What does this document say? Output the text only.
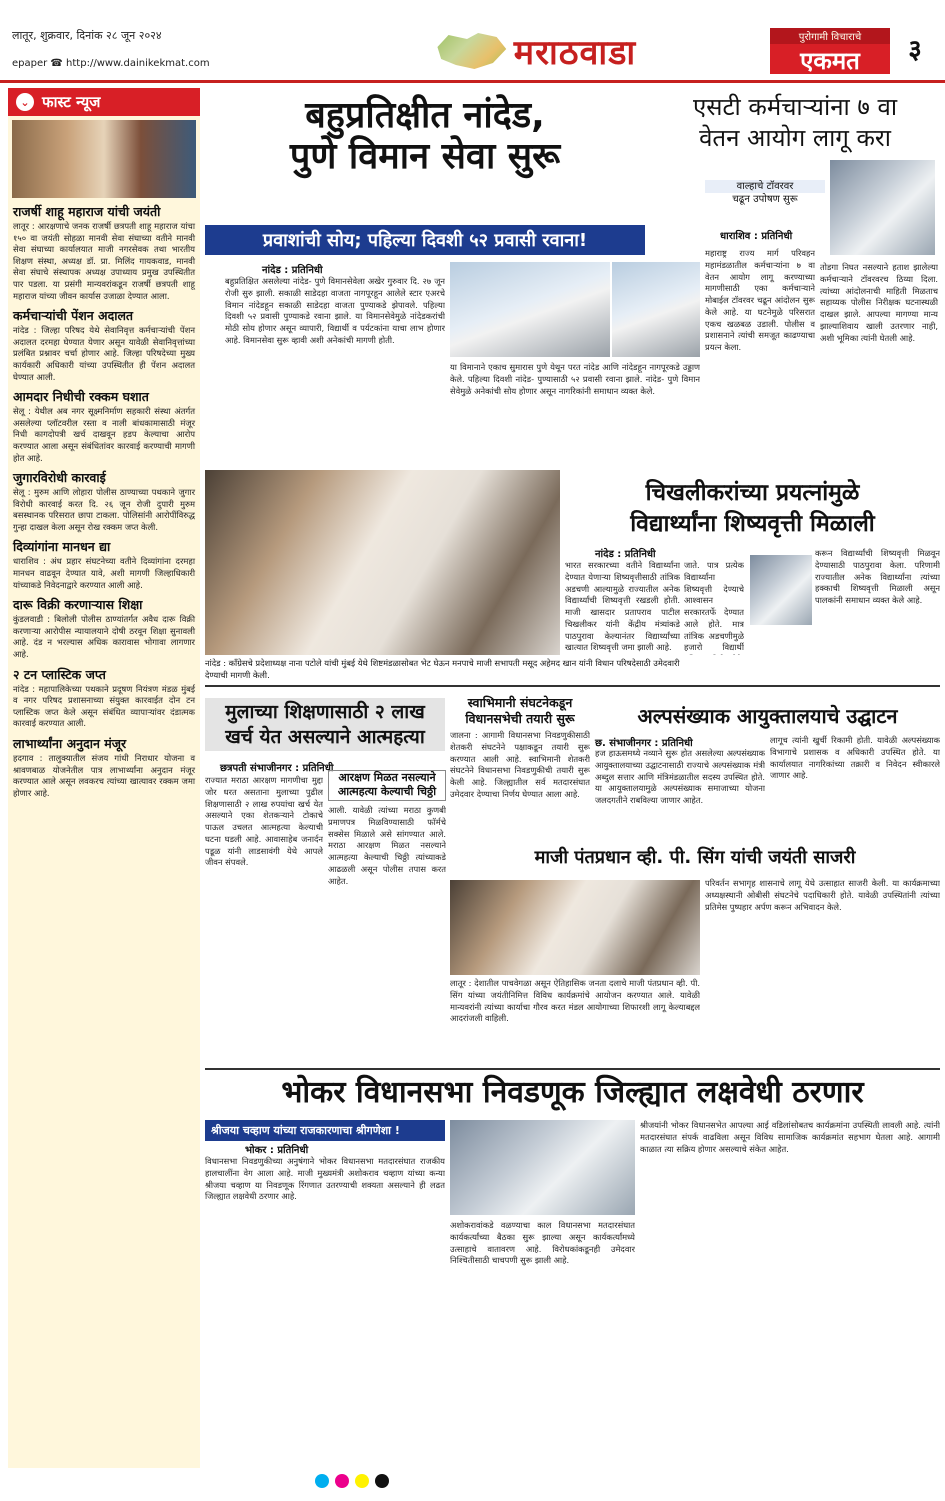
लातूर, शुक्रवार, दिनांक २८ जून २०२४
epaper ☎ http://www.dainikekmat.com	मराठवाडा	पुरोगामी विचाराचे
एकमत	३
⌄ फास्ट न्यूज
राजर्षी शाहू महाराज यांची जयंती

लातूर : आरक्षणाचे जनक राजर्षी छत्रपती शाहू महाराज यांचा १५० वा जयंती सोहळा मानवी सेवा संघाच्या वतीने मानवी सेवा संघाच्या कार्यालयात माजी नगरसेवक तथा भारतीय शिक्षण संस्था, अध्यक्ष डॉ. प्रा. मिलिंद गायकवाड, मानवी सेवा संघाचे संस्थापक अध्यक्ष उपाध्याय प्रमुख उपस्थितीत पार पडला. या प्रसंगी मान्यवरांकडून राजर्षी छत्रपती शाहू महाराज यांच्या जीवन कार्यास उजाळा देण्यात आला.

कर्मचाऱ्यांची पेंशन अदालत

नांदेड : जिल्हा परिषद येथे सेवानिवृत्त कर्मचाऱ्यांची पेंशन अदालत दरमहा घेण्यात येणार असून यावेळी सेवानिवृत्तांच्या प्रलंबित प्रश्नावर चर्चा होणार आहे. जिल्हा परिषदेच्या मुख्य कार्यकारी अधिकारी यांच्या उपस्थितीत ही पेंशन अदालत घेण्यात आली.

आमदार निधीची रक्कम घशात

सेलू : येथील अब नगर सूक्ष्मनिर्माण सहकारी संस्था अंतर्गत असलेल्या प्लॉटवरील रस्ता व नाली बांधकामासाठी मंजूर निधी कागदोपत्री खर्च दाखवून हडप केल्याचा आरोप करण्यात आला असून संबंधितांवर कारवाई करण्याची मागणी होत आहे.

जुगारविरोधी कारवाई

सेलू : मुरुम आणि लोहारा पोलीस ठाण्याच्या पथकाने जुगार विरोधी कारवाई करत दि. २६ जून रोजी दुपारी मुरुम बसस्थानक परिसरात छापा टाकला. पोलिसांनी आरोपींविरुद्ध गुन्हा दाखल केला असून रोख रक्कम जप्त केली.

दिव्यांगांना मानधन द्या

धाराशिव : अंध प्रहार संघटनेच्या वतीने दिव्यांगांना दरमहा मानधन वाढवून देण्यात यावे, अशी मागणी जिल्हाधिकारी यांच्याकडे निवेदनाद्वारे करण्यात आली आहे.

दारू विक्री करणाऱ्यास शिक्षा

कुंडलवाडी : बिलोली पोलीस ठाण्यांतर्गत अवैध दारू विक्री करणाऱ्या आरोपीस न्यायालयाने दोषी ठरवून शिक्षा सुनावली आहे. दंड न भरल्यास अधिक कारावास भोगावा लागणार आहे.

२ टन प्लास्टिक जप्त

नांदेड : महापालिकेच्या पथकाने प्रदूषण नियंत्रण मंडळ मुंबई व नगर परिषद प्रशासनाच्या संयुक्त कारवाईत दोन टन प्लास्टिक जप्त केले असून संबंधित व्यापाऱ्यांवर दंडात्मक कारवाई करण्यात आली.

लाभार्थ्यांना अनुदान मंजूर

हदगाव : तालुक्यातील संजय गांधी निराधार योजना व श्रावणबाळ योजनेतील पात्र लाभार्थ्यांना अनुदान मंजूर करण्यात आले असून लवकरच त्यांच्या खात्यावर रक्कम जमा होणार आहे.

बहुप्रतिक्षीत नांदेड,
पुणे विमान सेवा सुरू
प्रवाशांची सोय; पहिल्या दिवशी ५२ प्रवासी रवाना!
नांदेड : प्रतिनिधी
बहुप्रतिक्षित असलेल्या नांदेड- पुणे विमानसेवेला अखेर गुरुवार दि. २७ जून रोजी सुरु झाली. सकाळी साडेदहा वाजता नागपूरहून आलेले स्टार एअरचे विमान नांदेडहून सकाळी साडेदहा वाजता पुण्याकडे झेपावले. पहिल्या दिवशी ५२ प्रवासी पुण्याकडे रवाना झाले. या विमानसेवेमुळे नांदेडकरांची मोठी सोय होणार असून व्यापारी, विद्यार्थी व पर्यटकांना याचा लाभ होणार आहे. विमानसेवा सुरू व्हावी अशी अनेकांची मागणी होती.
या विमानाने एकाच सुमारास पुणे येथून परत नांदेड आणि नांदेडहून नागपूरकडे उड्डाण केले. पहिल्या दिवशी नांदेड- पुण्यासाठी ५२ प्रवासी रवाना झाले. नांदेड- पुणे विमान सेवेमुळे अनेकांची सोय होणार असून नागरिकांनी समाधान व्यक्त केले.
एसटी कर्मचाऱ्यांना ७ वा
वेतन आयोग लागू करा
वाल्हाचे टॉवरवर
चढून उपोषण सुरू
धाराशिव : प्रतिनिधी
महाराष्ट्र राज्य मार्ग परिवहन महामंडळातील कर्मचाऱ्यांना ७ वा वेतन आयोग लागू करण्याच्या मागणीसाठी एका कर्मचाऱ्याने मोबाईल टॉवरवर चढून आंदोलन सुरू केले आहे. या घटनेमुळे परिसरात एकच खळबळ उडाली. पोलीस व प्रशासनाने त्यांची समजूत काढण्याचा प्रयत्न केला.
तोडगा निघत नसल्याने हताश झालेल्या कर्मचाऱ्याने टॉवरवरच ठिय्या दिला. त्यांच्या आंदोलनाची माहिती मिळताच सहाय्यक पोलीस निरीक्षक घटनास्थळी दाखल झाले. आपल्या मागण्या मान्य झाल्याशिवाय खाली उतरणार नाही, अशी भूमिका त्यांनी घेतली आहे.
नांदेड : काँग्रेसचे प्रदेशाध्यक्ष नाना पटोले यांची मुंबई येथे शिष्टमंडळासोबत भेट घेऊन मनपाचे माजी सभापती मसूद अहेमद खान यांनी विधान परिषदेसाठी उमेदवारी देण्याची मागणी केली.
चिखलीकरांच्या प्रयत्नांमुळे
विद्यार्थ्यांना शिष्यवृत्ती मिळाली
नांदेड : प्रतिनिधी
भारत सरकारच्या वतीने विद्यार्थ्यांना देण्यात येणाऱ्या शिष्यवृत्तीसाठी तांत्रिक अडचणी आल्यामुळे राज्यातील अनेक विद्यार्थ्यांची शिष्यवृत्ती रखडली होती. माजी खासदार प्रतापराव पाटील चिखलीकर यांनी केंद्रीय मंत्र्यांकडे पाठपुरावा केल्यानंतर विद्यार्थ्यांच्या खात्यात शिष्यवृत्ती जमा झाली आहे.
जाते. पात्र प्रत्येक विद्यार्थ्यांना शिष्यवृत्ती देण्याचे आश्वासन सरकारतर्फे देण्यात आले होते. मात्र तांत्रिक अडचणीमुळे हजारो विद्यार्थी
करून विद्यार्थ्यांची शिष्यवृत्ती मिळवून देण्यासाठी पाठपुरावा केला. परिणामी राज्यातील अनेक विद्यार्थ्यांना त्यांच्या हक्काची शिष्यवृत्ती मिळाली असून पालकांनी समाधान व्यक्त केले आहे.
मुलाच्या शिक्षणासाठी २ लाख
खर्च येत असल्याने आत्महत्या
छत्रपती संभाजीनगर : प्रतिनिधी
राज्यात मराठा आरक्षण मागणीचा मुद्दा जोर धरत असताना मुलाच्या पुढील शिक्षणासाठी २ लाख रुपयांचा खर्च येत असल्याने एका शेतकऱ्याने टोकाचे पाऊल उचलत आत्महत्या केल्याची घटना घडली आहे. आवासाहेब जनार्दन पडूळ यांनी लाडसावंगी येथे आपले जीवन संपवले.
आरक्षण मिळत नसल्याने
आत्महत्या केल्याची चिठ्ठी
आली. यावेळी त्यांच्या मराठा कुणबी प्रमाणपत्र मिळविण्यासाठी फॉर्मचे सक्सेस मिळाले असे सांगण्यात आले. मराठा आरक्षण मिळत नसल्याने आत्महत्या केल्याची चिठ्ठी त्यांच्याकडे आढळली असून पोलीस तपास करत आहेत.
स्वाभिमानी संघटनेकडून
विधानसभेची तयारी सुरू
जालना : आगामी विधानसभा निवडणुकीसाठी शेतकरी संघटनेने पक्षाकडून तयारी सुरू करण्यात आली आहे. स्वाभिमानी शेतकरी संघटनेने विधानसभा निवडणुकीची तयारी सुरू केली आहे. जिल्ह्यातील सर्व मतदारसंघात उमेदवार देण्याचा निर्णय घेण्यात आला आहे.
अल्पसंख्याक आयुक्तालयाचे उद्घाटन
छ. संभाजीनगर : प्रतिनिधी
हज हाऊसमध्ये नव्याने सुरू होत असलेल्या अल्पसंख्याक आयुक्तालयाच्या उद्घाटनासाठी राज्याचे अल्पसंख्याक मंत्री अब्दुल सत्तार आणि मंत्रिमंडळातील सदस्य उपस्थित होते. या आयुक्तालयामुळे अल्पसंख्याक समाजाच्या योजना जलदगतीने राबविल्या जाणार आहेत.
लागूच त्यांनी खुर्ची रिकामी होती. यावेळी अल्पसंख्याक विभागाचे प्रशासक व अधिकारी उपस्थित होते. या कार्यालयात नागरिकांच्या तक्रारी व निवेदन स्वीकारले जाणार आहे.
माजी पंतप्रधान व्ही. पी. सिंग यांची जयंती साजरी
लातूर : देशातील पाचवेगळा असून ऐतिहासिक जनता दलाचे माजी पंतप्रधान व्ही. पी. सिंग यांच्या जयंतीनिमित्त विविध कार्यक्रमांचे आयोजन करण्यात आले. यावेळी मान्यवरांनी त्यांच्या कार्याचा गौरव करत मंडल आयोगाच्या शिफारशी लागू केल्याबद्दल आदरांजली वाहिली.
परिवर्तन सभागृह शासनाचे लागू येथे उत्साहात साजरी केली. या कार्यक्रमाच्या अध्यक्षस्थानी ओबीसी संघटनेचे पदाधिकारी होते. यावेळी उपस्थितांनी त्यांच्या प्रतिमेस पुष्पहार अर्पण करून अभिवादन केले.
भोकर विधानसभा निवडणूक जिल्ह्यात लक्षवेधी ठरणार
श्रीजया चव्हाण यांच्या राजकारणाचा श्रीगणेशा !
भोकर : प्रतिनिधी
विधानसभा निवडणुकीच्या अनुषंगाने भोकर विधानसभा मतदारसंघात राजकीय हालचालींना वेग आला आहे. माजी मुख्यमंत्री अशोकराव चव्हाण यांच्या कन्या श्रीजया चव्हाण या निवडणूक रिंगणात उतरण्याची शक्यता असल्याने ही लढत जिल्ह्यात लक्षवेधी ठरणार आहे.
अशोकरावांकडे वळण्याचा काल विधानसभा मतदारसंघात कार्यकर्त्यांच्या बैठका सुरू झाल्या असून कार्यकर्त्यांमध्ये उत्साहाचे वातावरण आहे. विरोधकांकडूनही उमेदवार निश्चितीसाठी चाचपणी सुरू झाली आहे.
श्रीजयांनी भोकर विधानसभेत आपल्या आई वडिलांसोबतच कार्यक्रमांना उपस्थिती लावली आहे. त्यांनी मतदारसंघात संपर्क वाढविला असून विविध सामाजिक कार्यक्रमांत सहभाग घेतला आहे. आगामी काळात त्या सक्रिय होणार असल्याचे संकेत आहेत.
